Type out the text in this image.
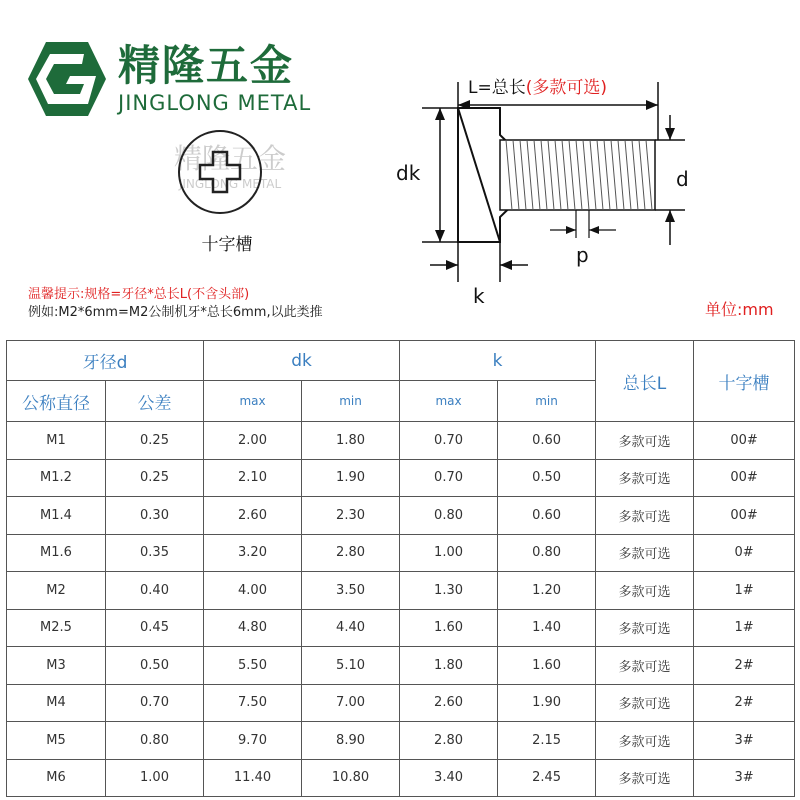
精隆五金
JINGLONG METAL
精隆五金
JINGLONG METAL
十字槽
L=总长(多款可选)
dk	d
p
k
温馨提示:规格=牙径*总长L(不含头部)
例如:M2*6mm=M2公制机牙*总长6mm,以此类推	单位:mm
牙径d		dk		k		总长L	十字槽
公称直径	公差	max	min	max	min		
M1	0.25	2.00	1.80	0.70	0.60	多款可选	00#
M1.2	0.25	2.10	1.90	0.70	0.50	多款可选	00#
M1.4	0.30	2.60	2.30	0.80	0.60	多款可选	00#
M1.6	0.35	3.20	2.80	1.00	0.80	多款可选	0#
M2	0.40	4.00	3.50	1.30	1.20	多款可选	1#
M2.5	0.45	4.80	4.40	1.60	1.40	多款可选	1#
M3	0.50	5.50	5.10	1.80	1.60	多款可选	2#
M4	0.70	7.50	7.00	2.60	1.90	多款可选	2#
M5	0.80	9.70	8.90	2.80	2.15	多款可选	3#
M6	1.00	11.40	10.80	3.40	2.45	多款可选	3#
